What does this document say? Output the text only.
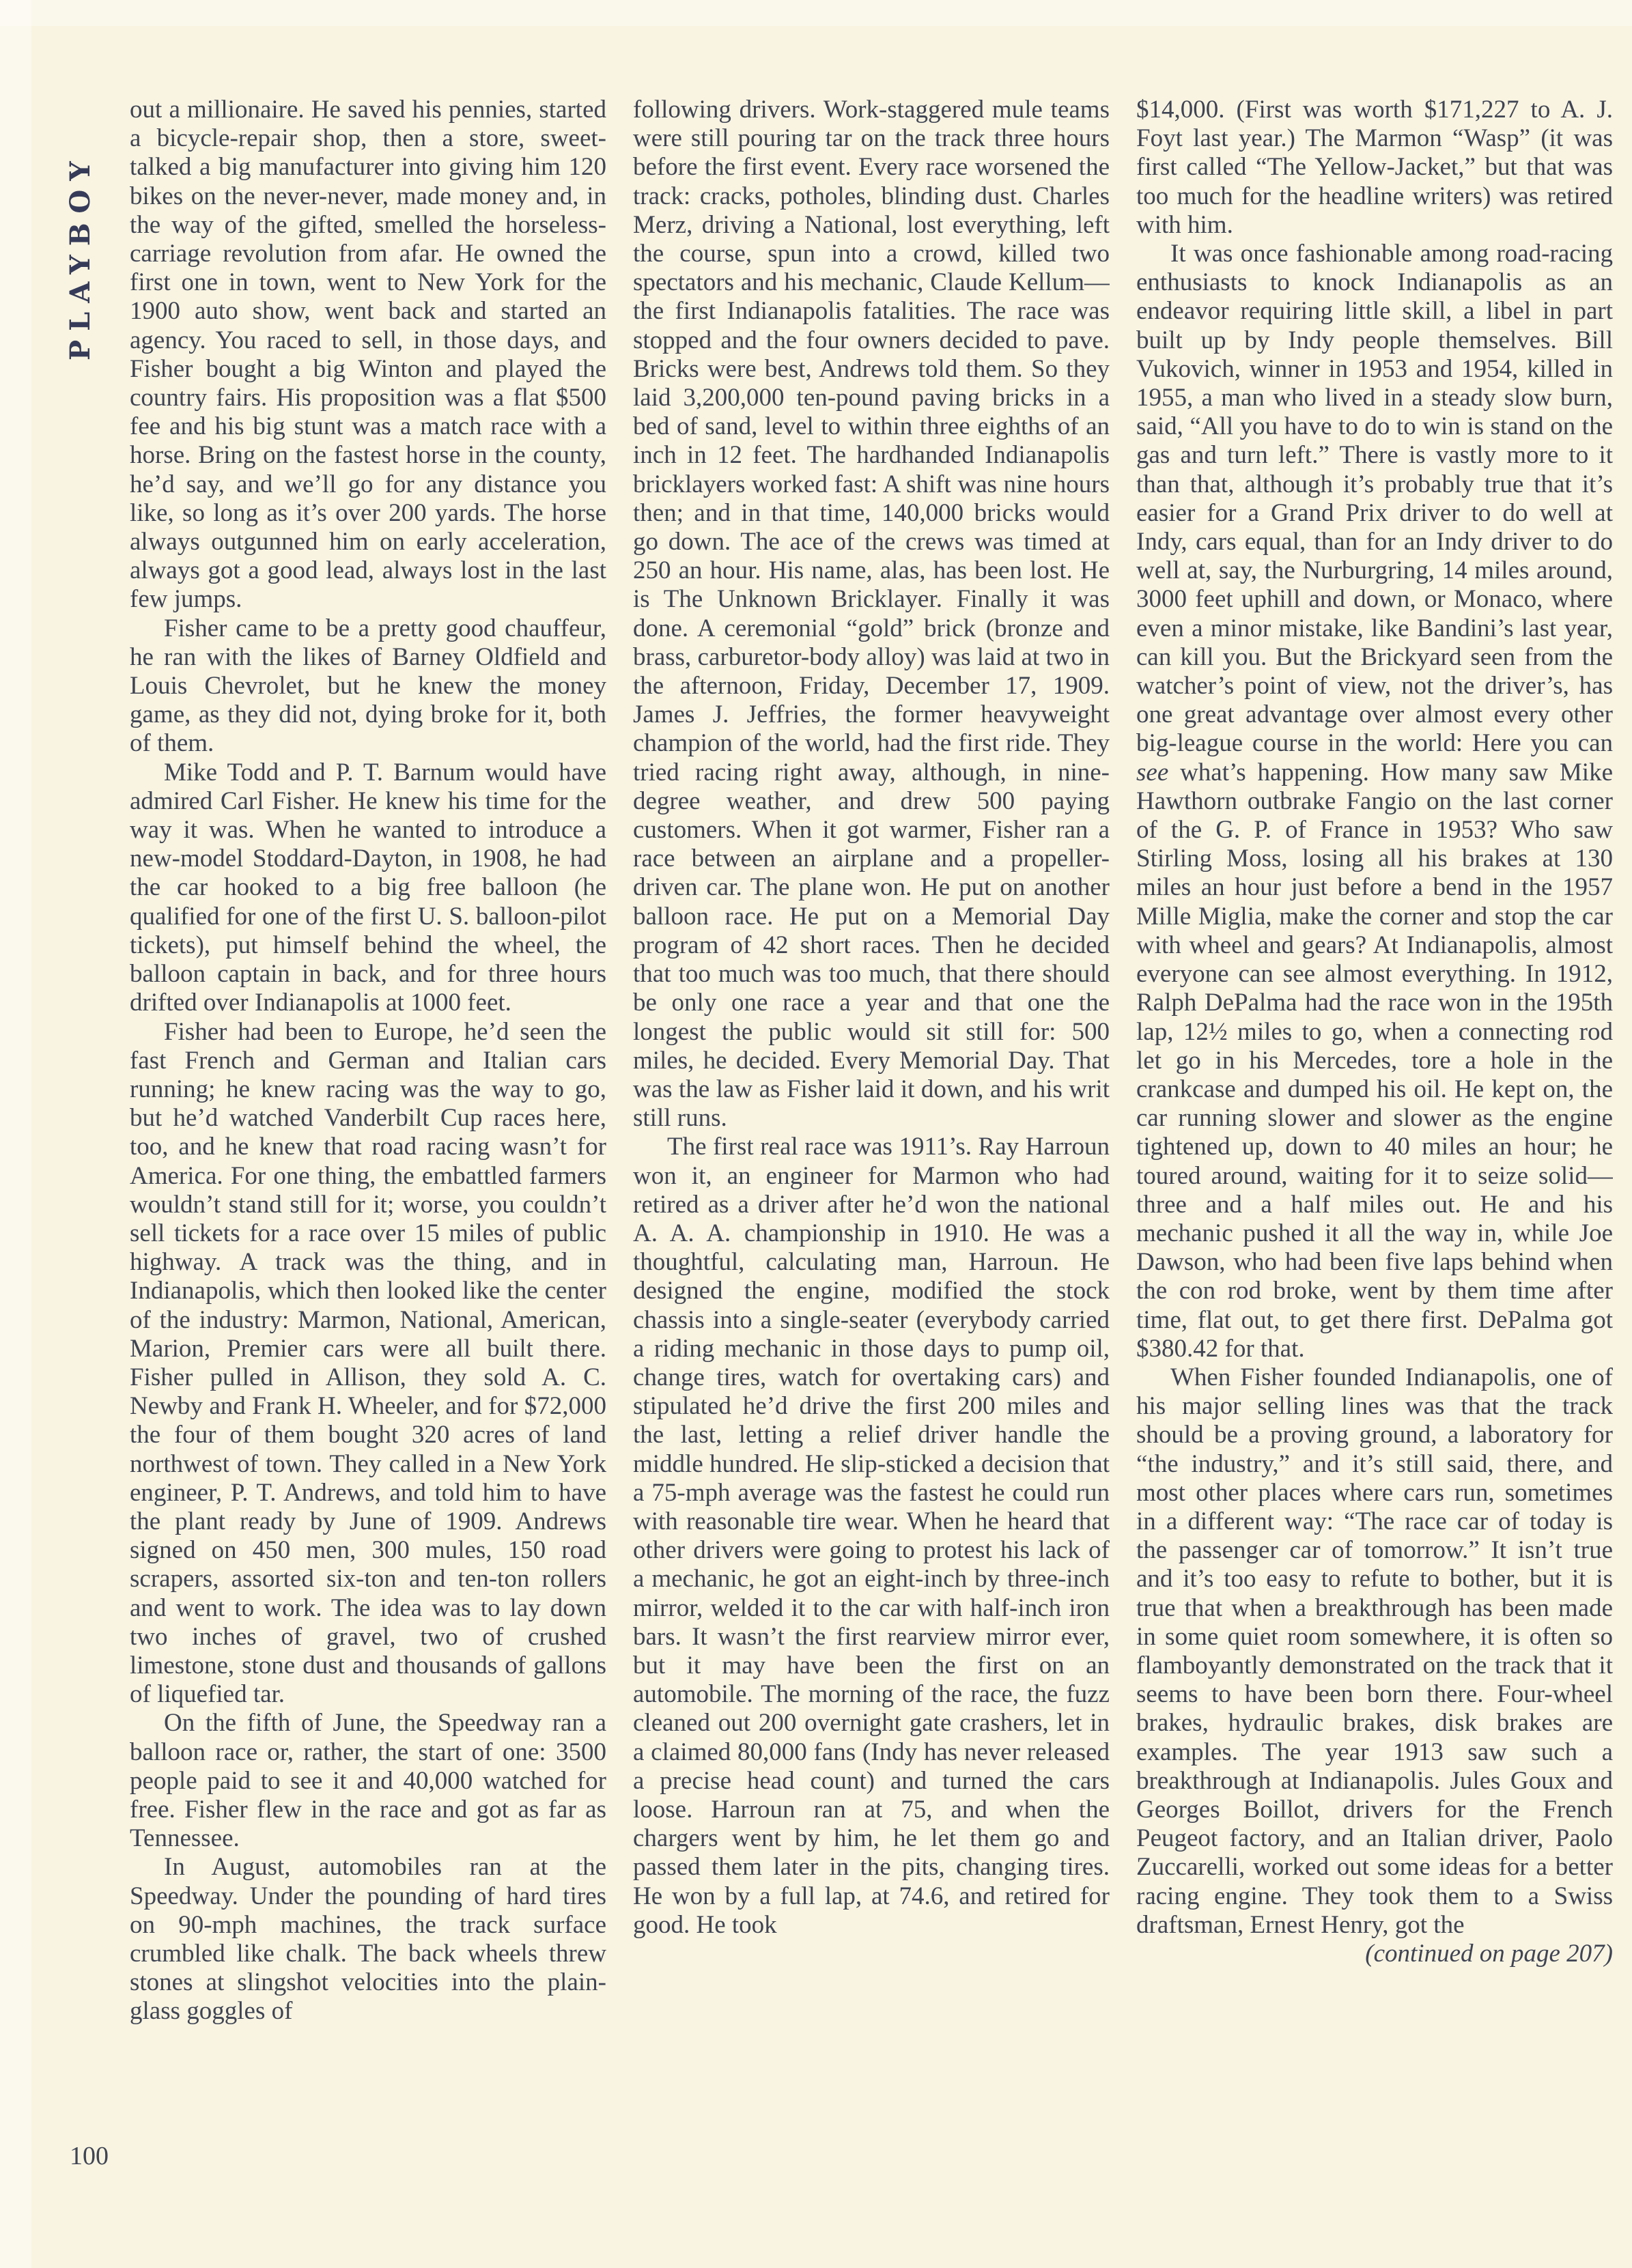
PLAYBOY

out a millionaire. He saved his pennies, started a bicycle-repair shop, then a store, sweet-talked a big manufacturer into giving him 120 bikes on the never-never, made money and, in the way of the gifted, smelled the horseless-carriage revolution from afar. He owned the first one in town, went to New York for the 1900 auto show, went back and started an agency. You raced to sell, in those days, and Fisher bought a big Winton and played the country fairs. His proposition was a flat $500 fee and his big stunt was a match race with a horse. Bring on the fastest horse in the county, he’d say, and we’ll go for any distance you like, so long as it’s over 200 yards. The horse always outgunned him on early acceleration, always got a good lead, always lost in the last few jumps.

Fisher came to be a pretty good chauffeur, he ran with the likes of Barney Oldfield and Louis Chevrolet, but he knew the money game, as they did not, dying broke for it, both of them.

Mike Todd and P. T. Barnum would have admired Carl Fisher. He knew his time for the way it was. When he wanted to introduce a new-model Stoddard-Dayton, in 1908, he had the car hooked to a big free balloon (he qualified for one of the first U. S. balloon-pilot tickets), put himself behind the wheel, the balloon captain in back, and for three hours drifted over Indianapolis at 1000 feet.

Fisher had been to Europe, he’d seen the fast French and German and Italian cars running; he knew racing was the way to go, but he’d watched Vanderbilt Cup races here, too, and he knew that road racing wasn’t for America. For one thing, the embattled farmers wouldn’t stand still for it; worse, you couldn’t sell tickets for a race over 15 miles of public highway. A track was the thing, and in Indianapolis, which then looked like the center of the industry: Marmon, National, American, Marion, Premier cars were all built there. Fisher pulled in Allison, they sold A. C. Newby and Frank H. Wheeler, and for $72,000 the four of them bought 320 acres of land northwest of town. They called in a New York engineer, P. T. Andrews, and told him to have the plant ready by June of 1909. Andrews signed on 450 men, 300 mules, 150 road scrapers, assorted six-ton and ten-ton rollers and went to work. The idea was to lay down two inches of gravel, two of crushed limestone, stone dust and thousands of gallons of liquefied tar.

On the fifth of June, the Speedway ran a balloon race or, rather, the start of one: 3500 people paid to see it and 40,000 watched for free. Fisher flew in the race and got as far as Tennessee.

In August, automobiles ran at the Speedway. Under the pounding of hard tires on 90-mph machines, the track surface crumbled like chalk. The back wheels threw stones at slingshot velocities into the plain-glass goggles of

following drivers. Work-staggered mule teams were still pouring tar on the track three hours before the first event. Every race worsened the track: cracks, potholes, blinding dust. Charles Merz, driving a National, lost everything, left the course, spun into a crowd, killed two spectators and his mechanic, Claude Kellum—the first Indianapolis fatalities. The race was stopped and the four owners decided to pave. Bricks were best, Andrews told them. So they laid 3,200,000 ten-pound paving bricks in a bed of sand, level to within three eighths of an inch in 12 feet. The hardhanded Indianapolis bricklayers worked fast: A shift was nine hours then; and in that time, 140,000 bricks would go down. The ace of the crews was timed at 250 an hour. His name, alas, has been lost. He is The Unknown Bricklayer. Finally it was done. A ceremonial “gold” brick (bronze and brass, carburetor-body alloy) was laid at two in the afternoon, Friday, December 17, 1909. James J. Jeffries, the former heavyweight champion of the world, had the first ride. They tried racing right away, although, in nine-degree weather, and drew 500 paying customers. When it got warmer, Fisher ran a race between an airplane and a propeller-driven car. The plane won. He put on another balloon race. He put on a Memorial Day program of 42 short races. Then he decided that too much was too much, that there should be only one race a year and that one the longest the public would sit still for: 500 miles, he decided. Every Memorial Day. That was the law as Fisher laid it down, and his writ still runs.

The first real race was 1911’s. Ray Harroun won it, an engineer for Marmon who had retired as a driver after he’d won the national A. A. A. championship in 1910. He was a thoughtful, calculating man, Harroun. He designed the engine, modified the stock chassis into a single-seater (everybody carried a riding mechanic in those days to pump oil, change tires, watch for overtaking cars) and stipulated he’d drive the first 200 miles and the last, letting a relief driver handle the middle hundred. He slip-sticked a decision that a 75-mph average was the fastest he could run with reasonable tire wear. When he heard that other drivers were going to protest his lack of a mechanic, he got an eight-inch by three-inch mirror, welded it to the car with half-inch iron bars. It wasn’t the first rearview mirror ever, but it may have been the first on an automobile. The morning of the race, the fuzz cleaned out 200 overnight gate crashers, let in a claimed 80,000 fans (Indy has never released a precise head count) and turned the cars loose. Harroun ran at 75, and when the chargers went by him, he let them go and passed them later in the pits, changing tires. He won by a full lap, at 74.6, and retired for good. He took

$14,000. (First was worth $171,227 to A. J. Foyt last year.) The Marmon “Wasp” (it was first called “The Yellow-Jacket,” but that was too much for the headline writers) was retired with him.

It was once fashionable among road-racing enthusiasts to knock Indianapolis as an endeavor requiring little skill, a libel in part built up by Indy people themselves. Bill Vukovich, winner in 1953 and 1954, killed in 1955, a man who lived in a steady slow burn, said, “All you have to do to win is stand on the gas and turn left.” There is vastly more to it than that, although it’s probably true that it’s easier for a Grand Prix driver to do well at Indy, cars equal, than for an Indy driver to do well at, say, the Nurburgring, 14 miles around, 3000 feet uphill and down, or Monaco, where even a minor mistake, like Bandini’s last year, can kill you. But the Brickyard seen from the watcher’s point of view, not the driver’s, has one great advantage over almost every other big-league course in the world: Here you can see what’s happening. How many saw Mike Hawthorn outbrake Fangio on the last corner of the G. P. of France in 1953? Who saw Stirling Moss, losing all his brakes at 130 miles an hour just before a bend in the 1957 Mille Miglia, make the corner and stop the car with wheel and gears? At Indianapolis, almost everyone can see almost everything. In 1912, Ralph DePalma had the race won in the 195th lap, 12½ miles to go, when a connecting rod let go in his Mercedes, tore a hole in the crankcase and dumped his oil. He kept on, the car running slower and slower as the engine tightened up, down to 40 miles an hour; he toured around, waiting for it to seize solid—three and a half miles out. He and his mechanic pushed it all the way in, while Joe Dawson, who had been five laps behind when the con rod broke, went by them time after time, flat out, to get there first. DePalma got $380.42 for that.

When Fisher founded Indianapolis, one of his major selling lines was that the track should be a proving ground, a laboratory for “the industry,” and it’s still said, there, and most other places where cars run, sometimes in a different way: “The race car of today is the passenger car of tomorrow.” It isn’t true and it’s too easy to refute to bother, but it is true that when a breakthrough has been made in some quiet room somewhere, it is often so flamboyantly demonstrated on the track that it seems to have been born there. Four-wheel brakes, hydraulic brakes, disk brakes are examples. The year 1913 saw such a breakthrough at Indianapolis. Jules Goux and Georges Boillot, drivers for the French Peugeot factory, and an Italian driver, Paolo Zuccarelli, worked out some ideas for a better racing engine. They took them to a Swiss draftsman, Ernest Henry, got the

(continued on page 207)

100
